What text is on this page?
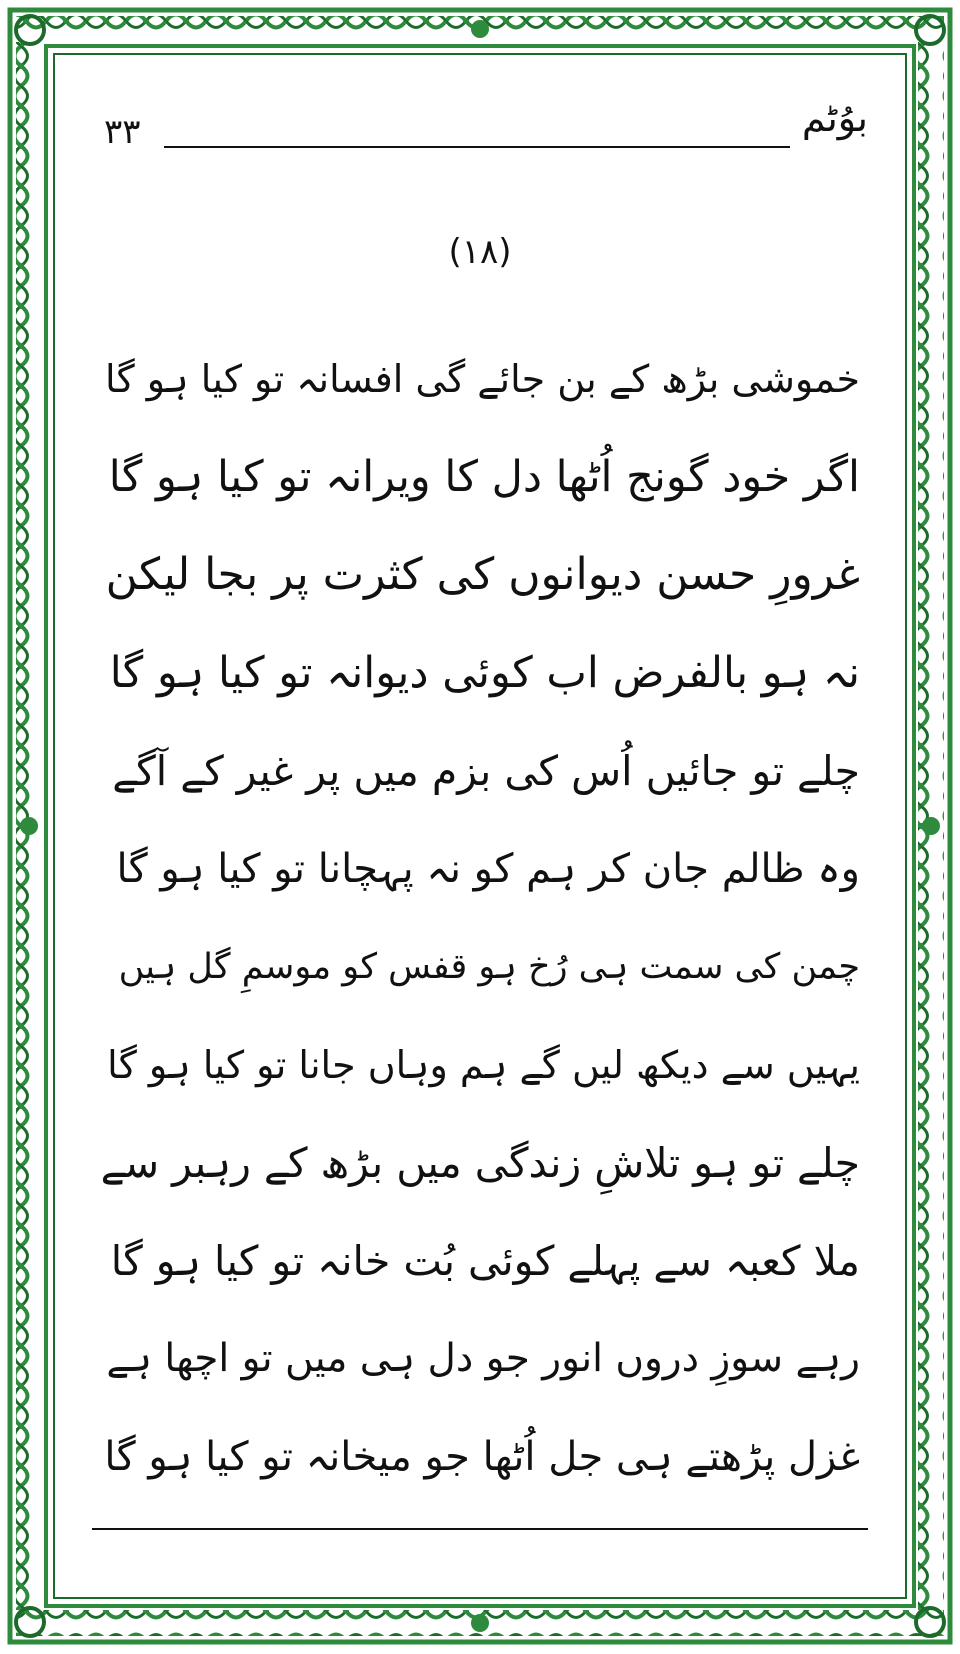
۳۳	بوُٹم
(۱۸)
خموشی بڑھ کے بن جائے گی افسانہ تو کیا ہو گا
اگر خود گونج اُٹھا دل کا ویرانہ تو کیا ہو گا
غرورِ حسن دیوانوں کی کثرت پر بجا لیکن
نہ ہو بالفرض اب کوئی دیوانہ تو کیا ہو گا
چلے تو جائیں اُس کی بزم میں پر غیر کے آگے
وہ ظالم جان کر ہم کو نہ پہچانا تو کیا ہو گا
چمن کی سمت ہی رُخ ہو قفس کو موسمِ گل ہیں
یہیں سے دیکھ لیں گے ہم وہاں جانا تو کیا ہو گا
چلے تو ہو تلاشِ زندگی میں بڑھ کے رہبر سے
ملا کعبہ سے پہلے کوئی بُت خانہ تو کیا ہو گا
رہے سوزِ دروں انور جو دل ہی میں تو اچھا ہے
غزل پڑھتے ہی جل اُٹھا جو میخانہ تو کیا ہو گا
